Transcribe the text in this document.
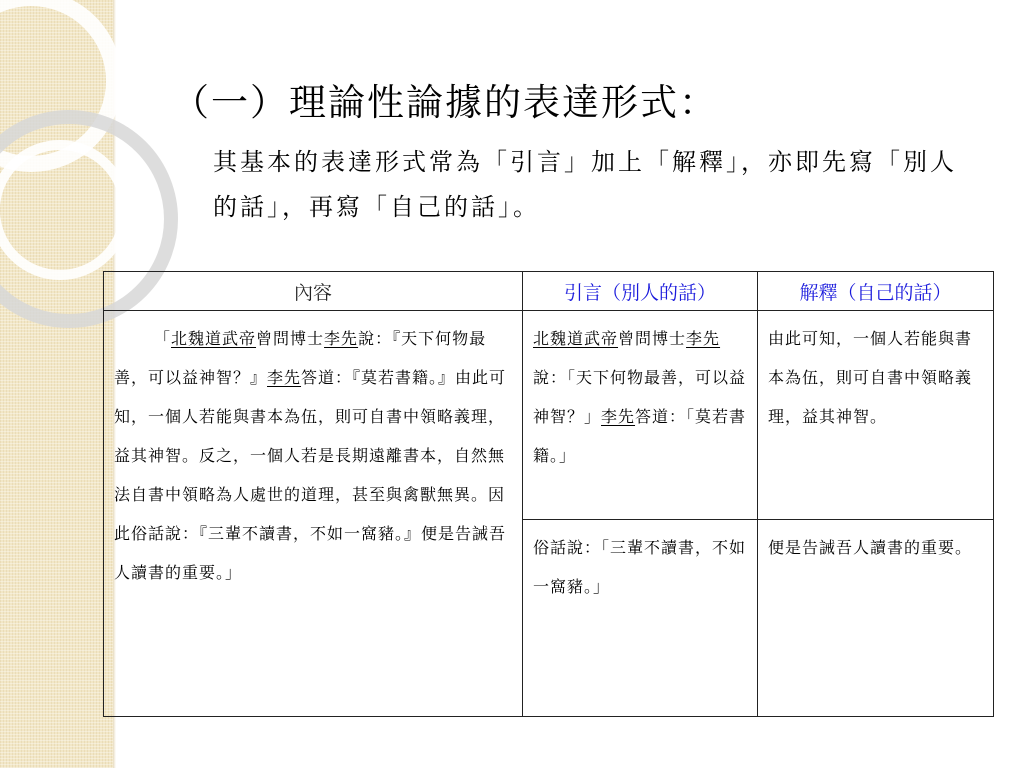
（一）理論性論據的表達形式：
其基本的表達形式常為「引言」加上「解釋」，亦即先寫「別人的話」，再寫「自己的話」。
內容	引言（別人的話）	解釋（自己的話）
「北魏道武帝曾問博士李先說：『天下何物最善，可以益神智？』李先答道：『莫若書籍。』由此可知，一個人若能與書本為伍，則可自書中領略義理，益其神智。反之，一個人若是長期遠離書本，自然無法自書中領略為人處世的道理，甚至與禽獸無異。因此俗話說：『三輩不讀書，不如一窩豬。』便是告誡吾人讀書的重要。」	北魏道武帝曾問博士李先說：「天下何物最善，可以益神智？」李先答道：「莫若書籍。」	由此可知，一個人若能與書本為伍，則可自書中領略義理，益其神智。
	俗話說：「三輩不讀書，不如一窩豬。」	便是告誡吾人讀書的重要。
